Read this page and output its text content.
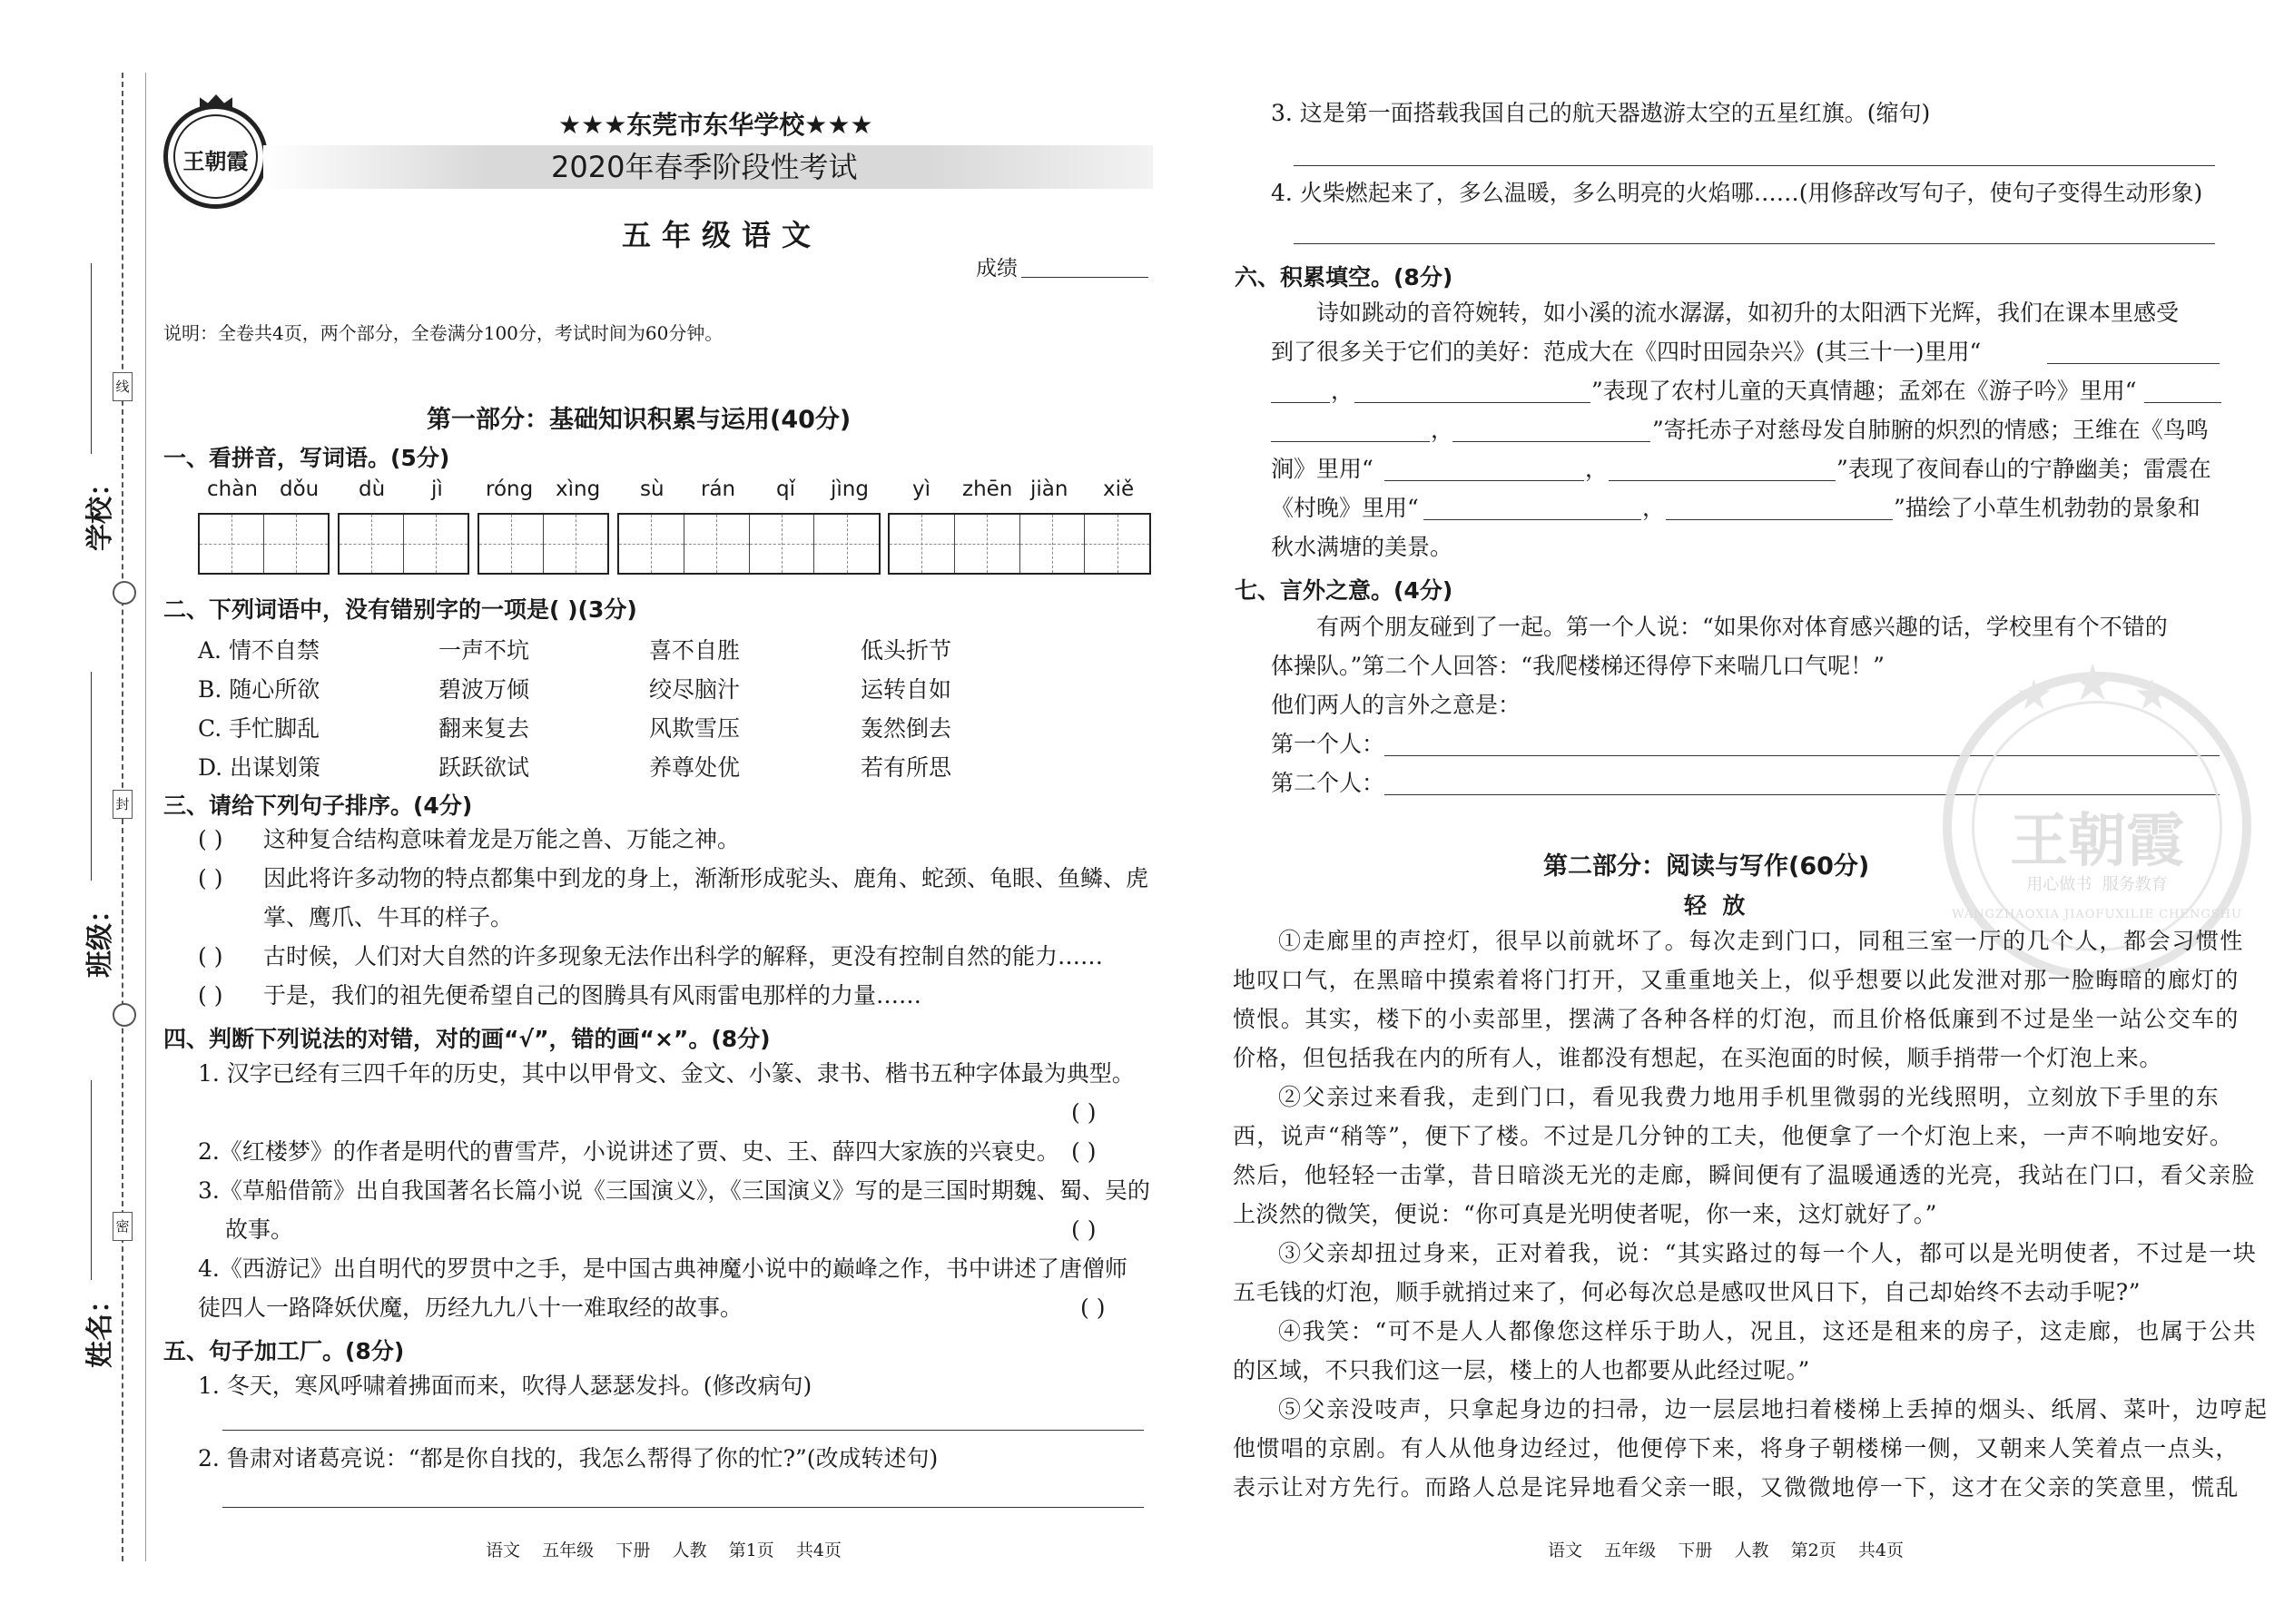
学校：
班级：
姓名：
线
封
密
王朝霞
★★★东莞市东华学校★★★
2020年春季阶段性考试
五年级语文
成绩
说明：全卷共4页，两个部分，全卷满分100分，考试时间为60分钟。
第一部分：基础知识积累与运用(40分)
一、看拼音，写词语。(5分)
chàn dǒu dù jì róng xìng sù rán qǐ jìng yì zhēn jiàn xiě
二、下列词语中，没有错别字的一项是( )(3分)
A. 情不自禁	一声不坑	喜不自胜	低头折节
B. 随心所欲	碧波万倾	绞尽脑汁	运转自如
C. 手忙脚乱	翻来复去	风欺雪压	轰然倒去
D. 出谋划策	跃跃欲试	养尊处优	若有所思
三、请给下列句子排序。(4分)
( ) 这种复合结构意味着龙是万能之兽、万能之神。
( ) 因此将许多动物的特点都集中到龙的身上，渐渐形成驼头、鹿角、蛇颈、龟眼、鱼鳞、虎
掌、鹰爪、牛耳的样子。
( ) 古时候，人们对大自然的许多现象无法作出科学的解释，更没有控制自然的能力……
( ) 于是，我们的祖先便希望自己的图腾具有风雨雷电那样的力量……
四、判断下列说法的对错，对的画“√”，错的画“×”。(8分)
1. 汉字已经有三四千年的历史，其中以甲骨文、金文、小篆、隶书、楷书五种字体最为典型。
( )
2.《红楼梦》的作者是明代的曹雪芹，小说讲述了贾、史、王、薛四大家族的兴衰史。 ( )
3.《草船借箭》出自我国著名长篇小说《三国演义》，《三国演义》写的是三国时期魏、蜀、吴的
故事。	( )
4.《西游记》出自明代的罗贯中之手，是中国古典神魔小说中的巅峰之作，书中讲述了唐僧师
徒四人一路降妖伏魔，历经九九八十一难取经的故事。	( )
五、句子加工厂。(8分)
1. 冬天，寒风呼啸着拂面而来，吹得人瑟瑟发抖。(修改病句)
2. 鲁肃对诸葛亮说：“都是你自找的，我怎么帮得了你的忙?”(改成转述句)
语文    五年级    下册    人教    第1页    共4页
3. 这是第一面搭载我国自己的航天器遨游太空的五星红旗。(缩句)
4. 火柴燃起来了，多么温暖，多么明亮的火焰哪……(用修辞改写句子，使句子变得生动形象)
六、积累填空。(8分)
诗如跳动的音符婉转，如小溪的流水潺潺，如初升的太阳洒下光辉，我们在课本里感受
到了很多关于它们的美好：范成大在《四时田园杂兴》(其三十一)里用“
，	”表现了农村儿童的天真情趣；孟郊在《游子吟》里用“
，	”寄托赤子对慈母发自肺腑的炽烈的情感；王维在《鸟鸣
涧》里用“	，	”表现了夜间春山的宁静幽美；雷震在
《村晚》里用“	，	”描绘了小草生机勃勃的景象和
秋水满塘的美景。
七、言外之意。(4分)
有两个朋友碰到了一起。第一个人说：“如果你对体育感兴趣的话，学校里有个不错的
体操队。”第二个人回答：“我爬楼梯还得停下来喘几口气呢！”
他们两人的言外之意是：
第一个人：
第二个人：
王朝霞
用心做书  服务教育
WANGZHAOXIA JIAOFUXILIE CHENGSHU
★
★ ★
第二部分：阅读与写作(60分)
轻  放
①走廊里的声控灯，很早以前就坏了。每次走到门口，同租三室一厅的几个人，都会习惯性
地叹口气，在黑暗中摸索着将门打开，又重重地关上，似乎想要以此发泄对那一脸晦暗的廊灯的
愤恨。其实，楼下的小卖部里，摆满了各种各样的灯泡，而且价格低廉到不过是坐一站公交车的
价格，但包括我在内的所有人，谁都没有想起，在买泡面的时候，顺手捎带一个灯泡上来。
②父亲过来看我，走到门口，看见我费力地用手机里微弱的光线照明，立刻放下手里的东
西，说声“稍等”，便下了楼。不过是几分钟的工夫，他便拿了一个灯泡上来，一声不响地安好。
然后，他轻轻一击掌，昔日暗淡无光的走廊，瞬间便有了温暖通透的光亮，我站在门口，看父亲脸
上淡然的微笑，便说：“你可真是光明使者呢，你一来，这灯就好了。”
③父亲却扭过身来，正对着我，说：“其实路过的每一个人，都可以是光明使者，不过是一块
五毛钱的灯泡，顺手就捎过来了，何必每次总是感叹世风日下，自己却始终不去动手呢?”
④我笑：“可不是人人都像您这样乐于助人，况且，这还是租来的房子，这走廊，也属于公共
的区域，不只我们这一层，楼上的人也都要从此经过呢。”
⑤父亲没吱声，只拿起身边的扫帚，边一层层地扫着楼梯上丢掉的烟头、纸屑、菜叶，边哼起
他惯唱的京剧。有人从他身边经过，他便停下来，将身子朝楼梯一侧，又朝来人笑着点一点头，
表示让对方先行。而路人总是诧异地看父亲一眼，又微微地停一下，这才在父亲的笑意里，慌乱
语文    五年级    下册    人教    第2页    共4页
